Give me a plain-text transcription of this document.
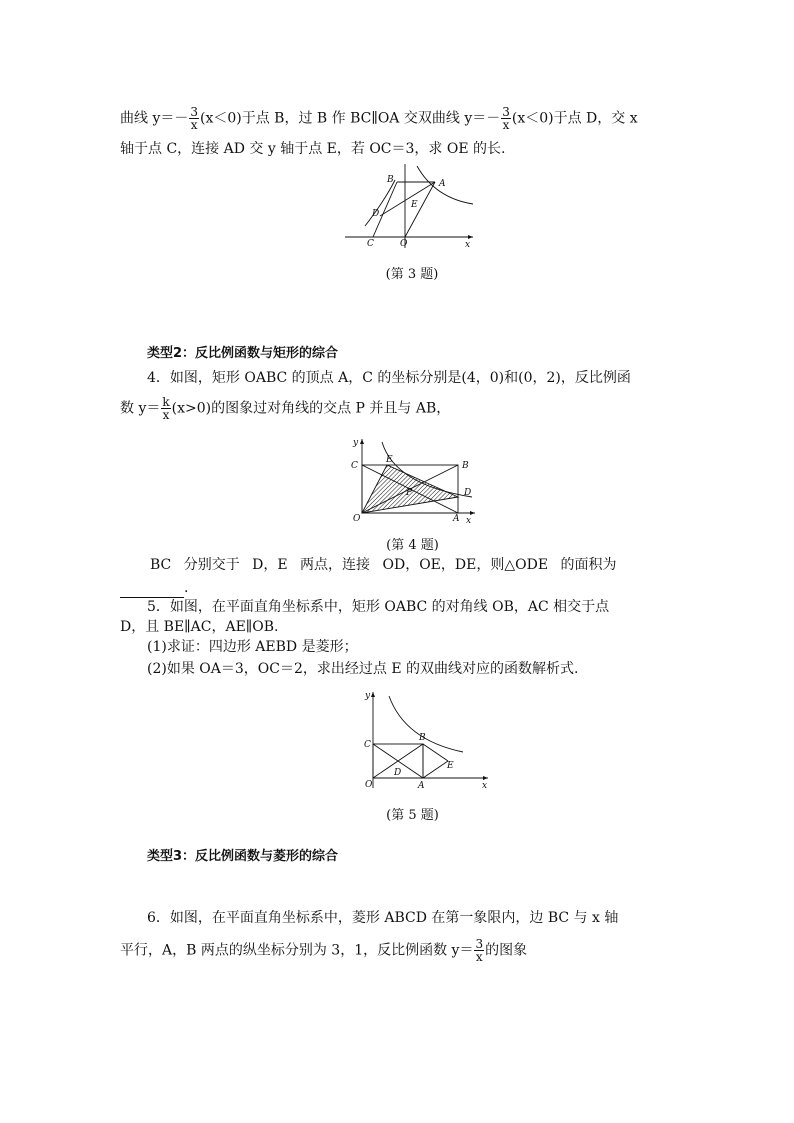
曲线 $y=- \frac{3}{x} (x<0)$于点 B，过 B 作 BC∥OA 交双曲线 $y=- \frac{3}{x} (x<0)$于点 D，交 x
轴于点 C，连接 AD 交 y 轴于点 E，若 OC＝3，求 OE 的长.
B	A
E
D
C	O	x
(第 3 题)
类型2：反比例函数与矩形的综合
4．如图，矩形 OABC 的顶点 A，C 的坐标分别是(4，0)和(0，2)，反比例函
数 $y= \frac{k}{x} (x>0)$的图象过对角线的交点 P 并且与 AB，
y
C
E
B
P	D
O	A x
(第 4 题)
BC 分别交于 D，E 两点，连接 OD，OE，DE，则△ODE 的面积为
.
5．如图，在平面直角坐标系中，矩形 OABC 的对角线 OB，AC 相交于点
D，且 BE∥AC，AE∥OB.
(1)求证：四边形 AEBD 是菱形；
(2)如果 OA＝3，OC＝2，求出经过点 E 的双曲线对应的函数解析式.
y
C
B
D
E
O	A	x
(第 5 题)
类型3：反比例函数与菱形的综合
6．如图，在平面直角坐标系中，菱形 ABCD 在第一象限内，边 BC 与 x 轴
平行，A，B 两点的纵坐标分别为 3，1，反比例函数 $y= \frac{3}{x}$ 的图象
